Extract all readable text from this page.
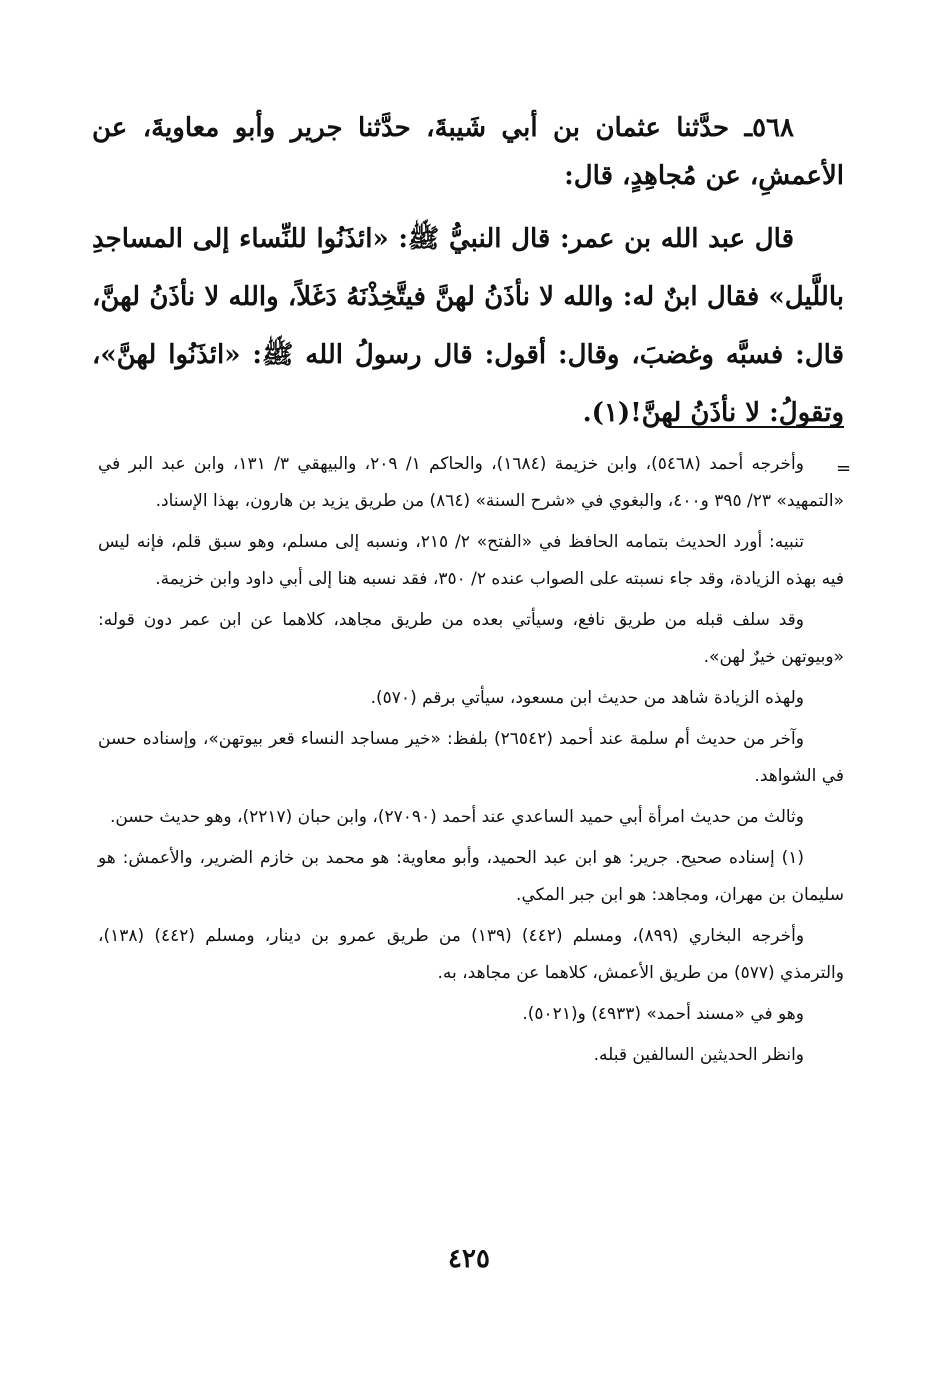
٥٦٨ـ حدَّثنا عثمان بن أبي شَيبةَ، حدَّثنا جرير وأبو معاويةَ، عن الأعمشِ، عن مُجاهِدٍ، قال:

قال عبد الله بن عمر: قال النبيُّ ﷺ: «ائذَنُوا للنِّساء إلى المساجدِ باللَّيل» فقال ابنٌ له: والله لا نأذَنُ لهنَّ فيتَّخِذْنَهُ دَغَلاً، والله لا نأذَنُ لهنَّ، قال: فسبَّه وغضبَ، وقال: أقول: قال رسولُ الله ﷺ: «ائذَنُوا لهنَّ»، وتقولُ: لا نأذَنُ لهنَّ!(١).

=

وأخرجه أحمد (٥٤٦٨)، وابن خزيمة (١٦٨٤)، والحاكم ١/ ٢٠٩، والبيهقي ٣/ ١٣١، وابن عبد البر في «التمهيد» ٢٣/ ٣٩٥ و٤٠٠، والبغوي في «شرح السنة» (٨٦٤) من طريق يزيد بن هارون، بهذا الإسناد.

تنبيه: أورد الحديث بتمامه الحافظ في «الفتح» ٢/ ٢١٥، ونسبه إلى مسلم، وهو سبق قلم، فإنه ليس فيه بهذه الزيادة، وقد جاء نسبته على الصواب عنده ٢/ ٣٥٠، فقد نسبه هنا إلى أبي داود وابن خزيمة.

وقد سلف قبله من طريق نافع، وسيأتي بعده من طريق مجاهد، كلاهما عن ابن عمر دون قوله: «وبيوتهن خيرٌ لهن».

ولهذه الزيادة شاهد من حديث ابن مسعود، سيأتي برقم (٥٧٠).

وآخر من حديث أم سلمة عند أحمد (٢٦٥٤٢) بلفظ: «خير مساجد النساء قعر بيوتهن»، وإسناده حسن في الشواهد.

وثالث من حديث امرأة أبي حميد الساعدي عند أحمد (٢٧٠٩٠)، وابن حبان (٢٢١٧)، وهو حديث حسن.

(١) إسناده صحيح. جرير: هو ابن عبد الحميد، وأبو معاوية: هو محمد بن خازم الضرير، والأعمش: هو سليمان بن مهران، ومجاهد: هو ابن جبر المكي.

وأخرجه البخاري (٨٩٩)، ومسلم (٤٤٢) (١٣٩) من طريق عمرو بن دينار، ومسلم (٤٤٢) (١٣٨)، والترمذي (٥٧٧) من طريق الأعمش، كلاهما عن مجاهد، به.

وهو في «مسند أحمد» (٤٩٣٣) و(٥٠٢١).

وانظر الحديثين السالفين قبله.

٤٢٥
